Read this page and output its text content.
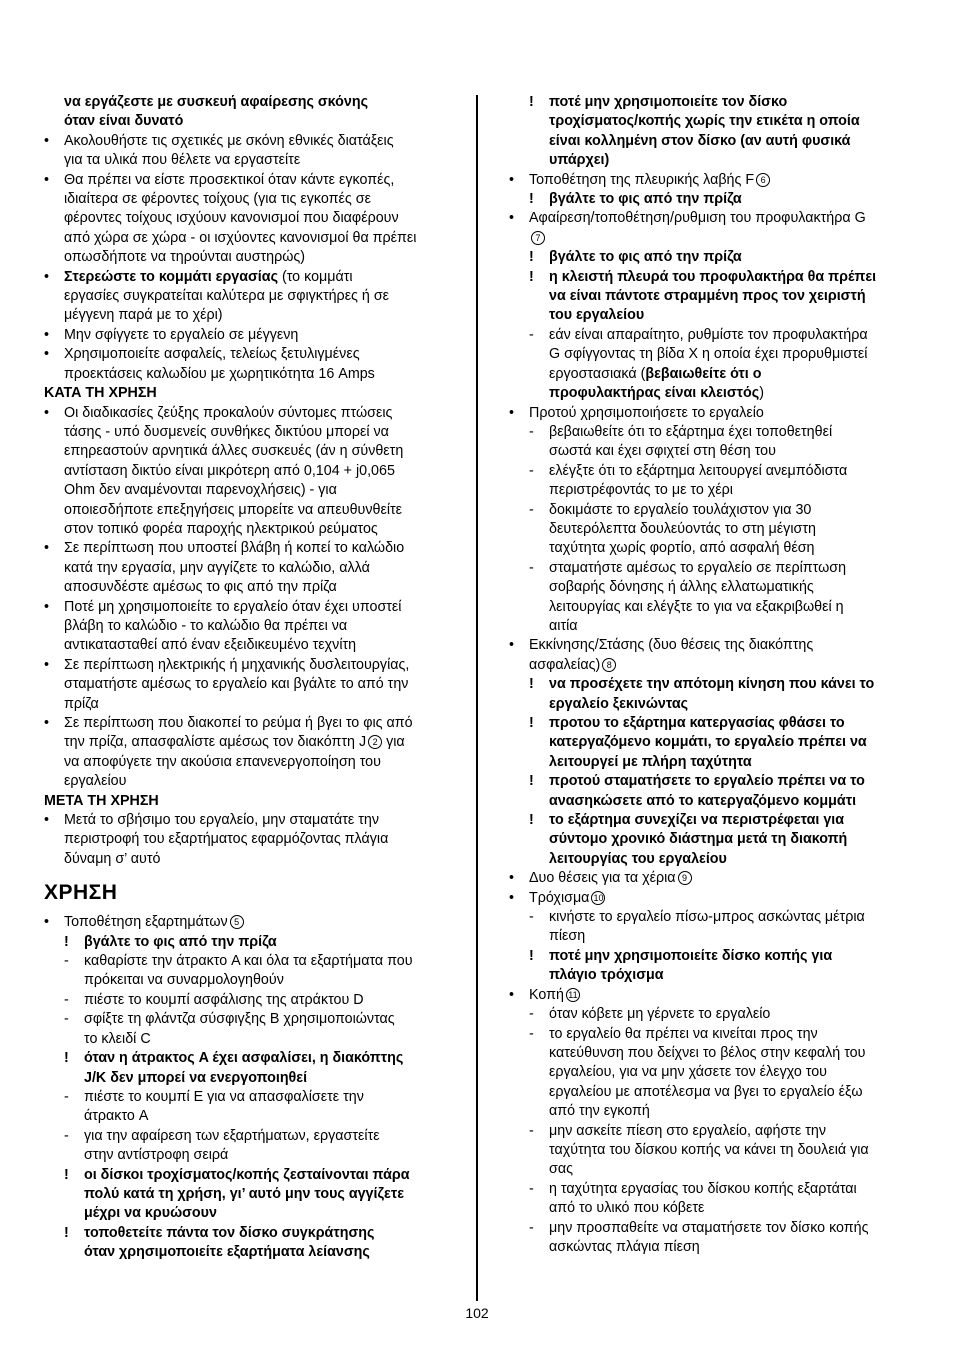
να εργάζεστε με συσκευή αφαίρεσης σκόνης
όταν είναι δυνατό
• Ακολουθήστε τις σχετικές με σκόνη εθνικές διατάξεις
για τα υλικά που θέλετε να εργαστείτε
• Θα πρέπει να είστε προσεκτικοί όταν κάντε εγκοπές,
ιδιαίτερα σε φέροντες τοίχους (για τις εγκοπές σε
φέροντες τοίχους ισχύουν κανονισμοί που διαφέρουν
από χώρα σε χώρα - οι ισχύοντες κανονισμοί θα πρέπει
οπωσδήποτε να τηρούνται αυστηρώς)
• Στερεώστε το κομμάτι εργασίας (το κομμάτι
εργασίες συγκρατείται καλύτερα με σφιγκτήρες ή σε
μέγγενη παρά με το χέρι)
• Μην σφίγγετε το εργαλείο σε μέγγενη
• Χρησιμοποιείτε ασφαλείς, τελείως ξετυλιγμένες
προεκτάσεις καλωδίου με χωρητικότητα 16 Amps
ΚΑΤΑ ΤΗ ΧΡΗΣΗ
• Οι διαδικασίες ζεύξης προκαλούν σύντομες πτώσεις
τάσης - υπό δυσμενείς συνθήκες δικτύου μπορεί να
επηρεαστούν αρνητικά άλλες συσκευές (άν η σύνθετη
αντίσταση δικτύο είναι μικρότερη από 0,104 + j0,065
Ohm δεν αναμένονται παρενοχλήσεις) - για
οποιεσδήποτε επεξηγήσεις μπορείτε να απευθυνθείτε
στον τοπικό φορέα παροχής ηλεκτρικού ρεύματος
• Σε περίπτωση που υποστεί βλάβη ή κοπεί το καλώδιο
κατά την εργασία, μην αγγίζετε το καλώδιο, αλλά
αποσυνδέστε αμέσως το φις από την πρίζα
• Ποτέ μη χρησιμοποιείτε το εργαλείο όταν έχει υποστεί
βλάβη το καλώδιο - το καλώδιο θα πρέπει να
αντικατασταθεί από έναν εξειδικευμένο τεχνίτη
• Σε περίπτωση ηλεκτρικής ή μηχανικής δυσλειτουργίας,
σταματήστε αμέσως το εργαλείο και βγάλτε το από την
πρίζα
• Σε περίπτωση που διακοπεί το ρεύμα ή βγει το φις από
την πρίζα, απασφαλίστε αμέσως τον διακόπτη J 2 για
να αποφύγετε την ακούσια επανενεργοποίηση του
εργαλείου
ΜΕΤΑ ΤΗ ΧΡΗΣΗ
• Μετά το σβήσιμο του εργαλείο, μην σταματάτε την
περιστροφή του εξαρτήματος εφαρμόζοντας πλάγια
δύναμη σ’ αυτό
ΧΡΗΣΗ
• Τοποθέτηση εξαρτημάτων 5
! βγάλτε το φις από την πρίζα
- καθαρίστε την άτρακτο A και όλα τα εξαρτήματα που
πρόκειται να συναρμολογηθούν
- πιέστε το κουμπί ασφάλισης της ατράκτου D
- σφίξτε τη φλάντζα σύσφιγξης B χρησιμοποιώντας
το κλειδί C
! όταν η άτρακτος A έχει ασφαλίσει, η διακόπτης
J/K δεν μπορεί να ενεργοποιηθεί
- πιέστε το κουμπί E για να απασφαλίσετε την
άτρακτο A
- για την αφαίρεση των εξαρτήματων, εργαστείτε
στην αντίστροφη σειρά
! οι δίσκοι τροχίσματος/κοπής ζεσταίνονται πάρα
πολύ κατά τη χρήση, γι’ αυτό μην τους αγγίζετε
μέχρι να κρυώσουν
! τοποθετείτε πάντα τον δίσκο συγκράτησης
όταν χρησιμοποιείτε εξαρτήματα λείανσης
! ποτέ μην χρησιμοποιείτε τον δίσκο
τροχίσματος/κοπής χωρίς την ετικέτα η οποία
είναι κολλημένη στον δίσκο (αν αυτή φυσικά
υπάρχει)
• Τοποθέτηση της πλευρικής λαβής F 6
! βγάλτε το φις από την πρίζα
• Αφαίρεση/τοποθέτηση/ρυθμιση του προφυλακτήρα G
7
! βγάλτε το φις από την πρίζα
! η κλειστή πλευρά του προφυλακτήρα θα πρέπει
να είναι πάντοτε στραμμένη προς τον χειριστή
του εργαλείου
- εάν είναι απαραίτητο, ρυθμίστε τον προφυλακτήρα
G σφίγγοντας τη βίδα X η οποία έχει προρυθμιστεί
εργοστασιακά (βεβαιωθείτε ότι ο
προφυλακτήρας είναι κλειστός)
• Προτού χρησιμοποιήσετε το εργαλείο
- βεβαιωθείτε ότι το εξάρτημα έχει τοποθετηθεί
σωστά και έχει σφιχτεί στη θέση του
- ελέγξτε ότι το εξάρτημα λειτουργεί ανεμπόδιστα
περιστρέφοντάς το με το χέρι
- δοκιμάστε το εργαλείο τουλάχιστον για 30
δευτερόλεπτα δουλεύοντάς το στη μέγιστη
ταχύτητα χωρίς φορτίο, από ασφαλή θέση
- σταματήστε αμέσως το εργαλείο σε περίπτωση
σοβαρής δόνησης ή άλλης ελλατωματικής
λειτουργίας και ελέγξτε το για να εξακριβωθεί η
αιτία
• Εκκίνησης/Στάσης (δυο θέσεις της διακόπτης
ασφαλείας) 8
! να προσέχετε την απότομη κίνηση που κάνει το
εργαλείο ξεκινώντας
! προτου το εξάρτημα κατεργασίας φθάσει το
κατεργαζόμενο κομμάτι, το εργαλείο πρέπει να
λειτουργεί με πλήρη ταχύτητα
! προτού σταματήσετε το εργαλείο πρέπει να το
ανασηκώσετε από το κατεργαζόμενο κομμάτι
! το εξάρτημα συνεχίζει να περιστρέφεται για
σύντομο χρονικό διάστημα μετά τη διακοπή
λειτουργίας του εργαλείου
• Δυο θέσεις για τα χέρια 9
• Τρόχισμα 10
- κινήστε το εργαλείο πίσω-μπρος ασκώντας μέτρια
πίεση
! ποτέ μην χρησιμοποιείτε δίσκο κοπής για
πλάγιο τρόχισμα
• Κοπή 11
- όταν κόβετε μη γέρνετε το εργαλείο
- το εργαλείο θα πρέπει να κινείται προς την
κατεύθυνση που δείχνει το βέλος στην κεφαλή του
εργαλείου, για να μην χάσετε τον έλεγχο του
εργαλείου με αποτέλεσμα να βγει το εργαλείο έξω
από την εγκοπή
- μην ασκείτε πίεση στο εργαλείο, αφήστε την
ταχύτητα του δίσκου κοπής να κάνει τη δουλειά για
σας
- η ταχύτητα εργασίας του δίσκου κοπής εξαρτάται
από το υλικό που κόβετε
- μην προσπαθείτε να σταματήσετε τον δίσκο κοπής
ασκώντας πλάγια πίεση
102
